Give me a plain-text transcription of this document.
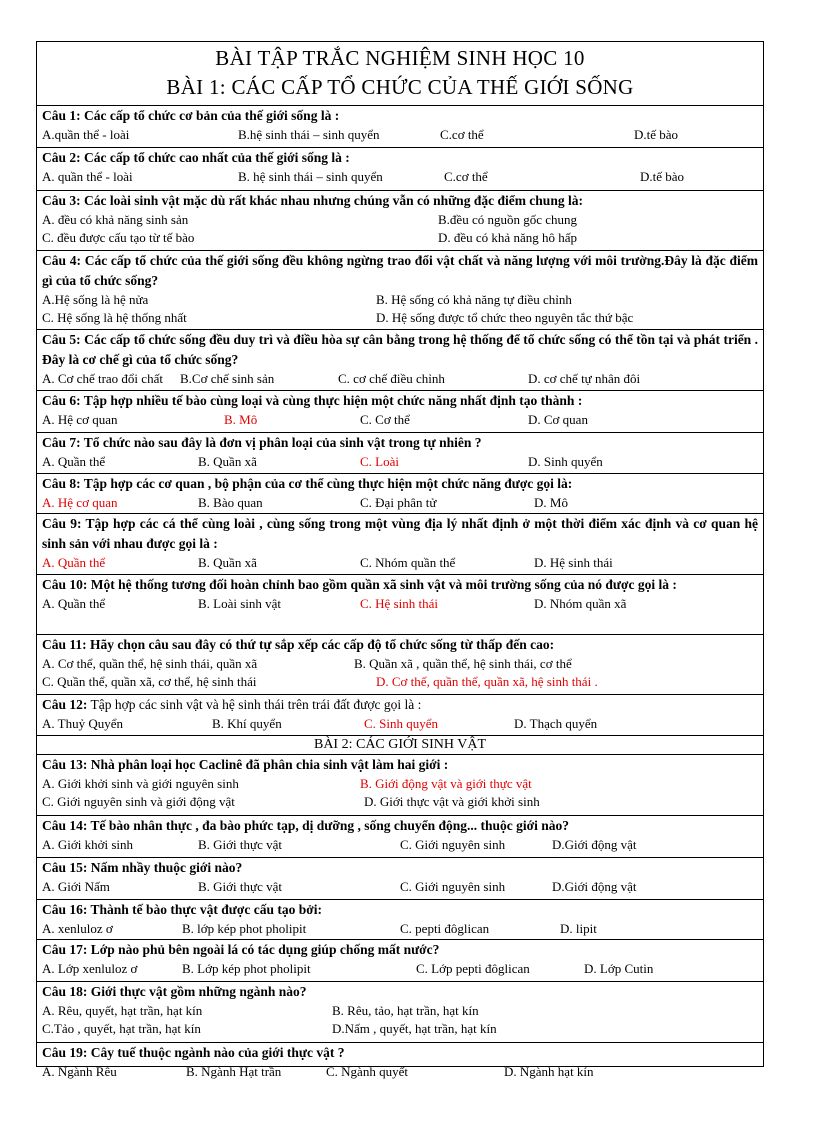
BÀI TẬP TRẮC NGHIỆM SINH HỌC 10
BÀI 1: CÁC CẤP TỔ CHỨC CỦA THẾ GIỚI SỐNG
Câu 1: Các cấp tổ chức cơ bản của thế giới sống là :
A.quần thể - loài	B.hệ sinh thái – sinh quyển	C.cơ thể	D.tế bào
Câu 2: Các cấp tổ chức cao nhất của thế giới sống là :
A. quần thể - loài	B. hệ sinh thái – sinh quyển	C.cơ thể	D.tế bào
Câu 3: Các loài sinh vật mặc dù rất khác nhau nhưng chúng vẫn có những đặc điểm chung là:
A. đều có khả năng sinh sản	B.đều có nguồn gốc chung
C. đều được cấu tạo từ tế bào	D. đều có khả năng hô hấp
Câu 4: Các cấp tổ chức của thế giới sống đều không ngừng trao đổi vật chất và năng lượng với môi trường.Đây là đặc điểm gì của tổ chức sống?
A.Hệ sống là hệ nửa	B. Hệ sống có khả năng tự điều chỉnh
C. Hệ sống là hệ thống nhất	D. Hệ sống được tổ chức theo nguyên tắc thứ bậc
Câu 5: Các cấp tổ chức sống đều duy trì và điều hòa sự cân bằng trong hệ thống để tổ chức sống có thể tồn tại và phát triển . Đây là cơ chế gì của tổ chức sống?
A. Cơ chế trao đổi chất B.Cơ chế sinh sản	C. cơ chế điều chỉnh	D. cơ chế tự nhân đôi
Câu 6: Tập hợp nhiều tế bào cùng loại và cùng thực hiện một chức năng nhất định tạo thành :
A. Hệ cơ quan	B. Mô	C. Cơ thể	D. Cơ quan
Câu 7: Tổ chức nào sau đây là đơn vị phân loại của sinh vật trong tự nhiên ?
A. Quần thể	B. Quần xã	C. Loài	D. Sinh quyển
Câu 8: Tập hợp các cơ quan , bộ phận của cơ thể cùng thực hiện một chức năng được gọi là:
A. Hệ cơ quan	B. Bào quan	C. Đại phân tử	D. Mô
Câu 9: Tập hợp các cá thể cùng loài , cùng sống trong một vùng địa lý nhất định ở một thời điểm xác định và cơ quan hệ sinh sản với nhau được gọi là :
A. Quần thể	B. Quần xã	C. Nhóm quần thể	D. Hệ sinh thái
Câu 10: Một hệ thống tương đối hoàn chỉnh bao gồm quần xã sinh vật và môi trường sống của nó được gọi là :
A. Quần thể	B. Loài sinh vật	C. Hệ sinh thái	D. Nhóm quần xã
Câu 11: Hãy chọn câu sau đây có thứ tự sắp xếp các cấp độ tổ chức sống từ thấp đến cao:
A. Cơ thể, quần thể, hệ sinh thái, quần xã	B. Quần xã , quần thể, hệ sinh thái, cơ thể
C. Quần thể, quần xã, cơ thể, hệ sinh thái	D. Cơ thể, quần thể, quần xã, hệ sinh thái .
Câu 12: Tập hợp các sinh vật và hệ sinh thái trên trái đất được gọi là :
A. Thuỷ Quyển	B. Khí quyển	C. Sinh quyển	D. Thạch quyển
BÀI 2: CÁC GIỚI SINH VẬT
Câu 13: Nhà phân loại học Caclinê đã phân chia sinh vật làm hai giới :
A. Giới khởi sinh và giới nguyên sinh	B. Giới động vật và giới thực vật
C. Giới nguyên sinh và giới động vật	D. Giới thực vật và giới khởi sinh
Câu 14: Tế bào nhân thực , đa bào phức tạp, dị dưỡng , sống chuyển động... thuộc giới nào?
A. Giới khởi sinh	B. Giới thực vật	C. Giới nguyên sinh	D.Giới động vật
Câu 15: Nấm nhầy thuộc giới nào?
A. Giới Nấm	B. Giới thực vật	C. Giới nguyên sinh	D.Giới động vật
Câu 16: Thành tế bào thực vật được cấu tạo bởi:
A. xenluloz ơ	B. lớp kép phot pholipit	C. pepti đôglican	D. lipit
Câu 17: Lớp nào phủ bên ngoài lá có tác dụng giúp chống mất nước?
A. Lớp xenluloz ơ	B. Lớp kép phot pholipit	C. Lớp pepti đôglican	D. Lớp Cutin
Câu 18: Giới thực vật gồm những ngành nào?
A. Rêu, quyết, hạt trần, hạt kín	B. Rêu, tảo, hạt trần, hạt kín
C.Tảo , quyết, hạt trần, hạt kín	D.Nấm , quyết, hạt trần, hạt kín
Câu 19: Cây tuế thuộc ngành nào của giới thực vật ?
A. Ngành Rêu	B. Ngành Hạt trần	C. Ngành quyết	D. Ngành hạt kín
